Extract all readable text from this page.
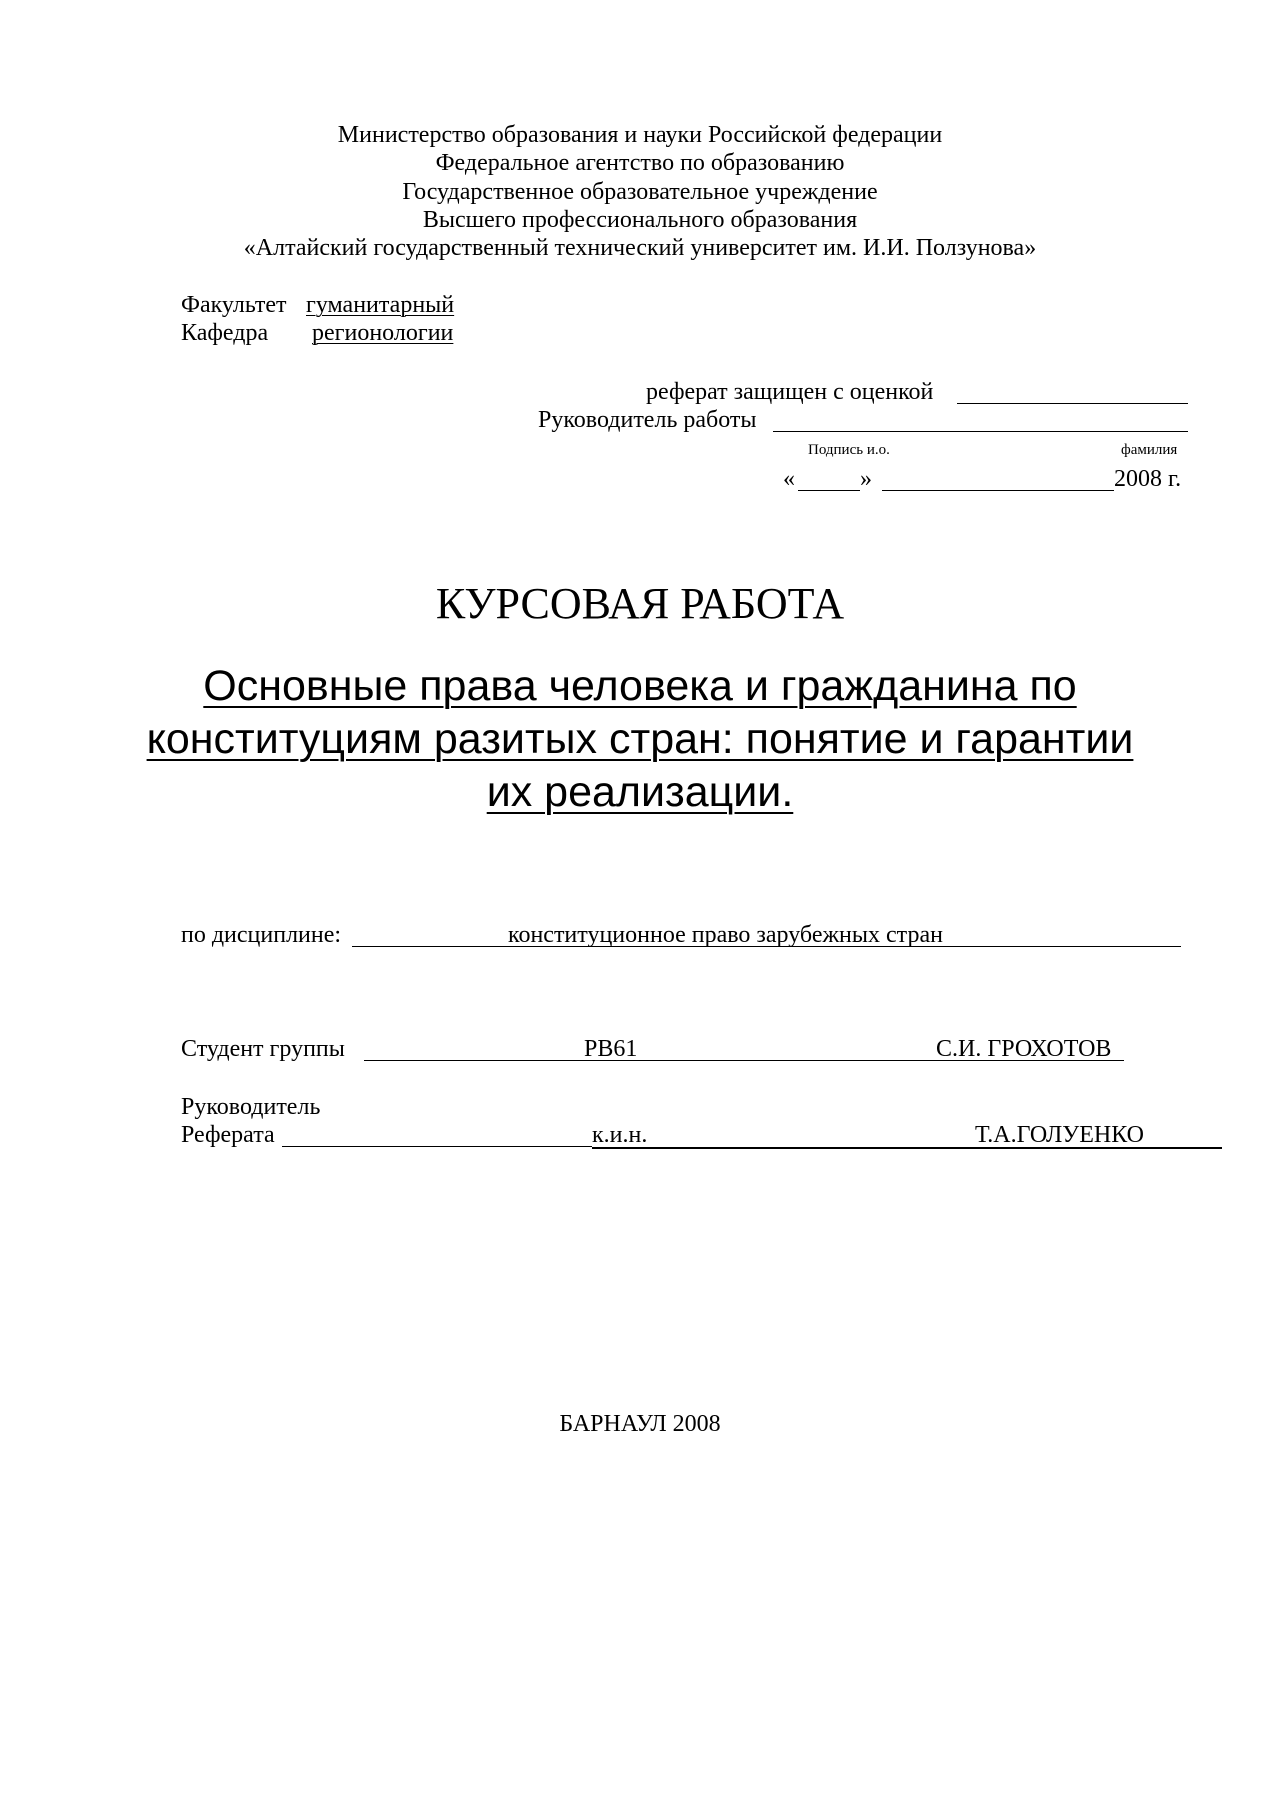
Министерство образования и науки Российской федерации
Федеральное агентство по образованию
Государственное образовательное учреждение
Высшего профессионального образования
«Алтайский государственный технический университет им. И.И. Ползунова»
Факультет гуманитарный
Кафедра регионологии
реферат защищен с оценкой
Руководитель работы
Подпись и.о.	фамилия
«	»	2008 г.
КУРСОВАЯ РАБОТА
Основные права человека и гражданина по
конституциям разитых стран: понятие и гарантии
их реализации.
по дисциплине:	конституционное право зарубежных стран
Студент группы	РВ61	С.И. ГРОХОТОВ
Руководитель
Реферата	к.и.н.	Т.А.ГОЛУЕНКО
БАРНАУЛ 2008
